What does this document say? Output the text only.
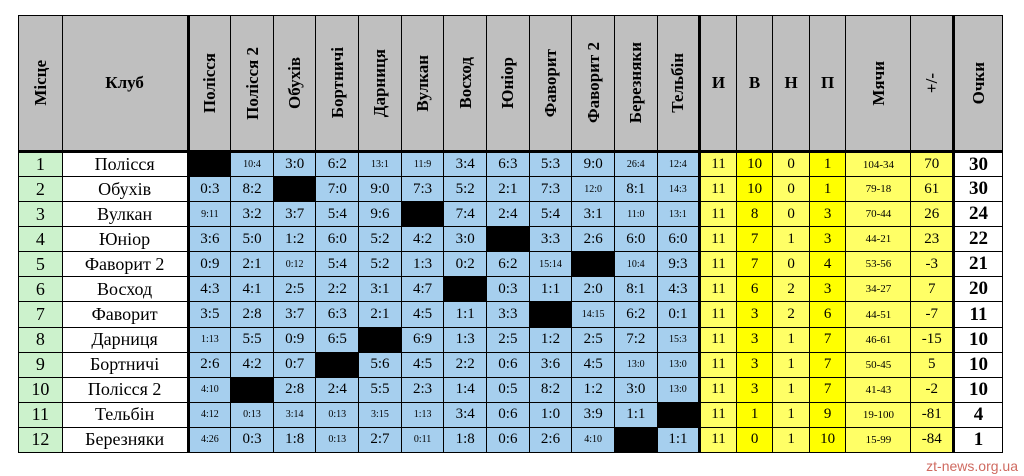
Місце	Клуб	Полісся	Полісся 2	Обухів	Бортничі	Дарниця	Вулкан	Восход	Юніор	Фаворит	Фаворит 2	Березняки	Тельбін	И	В	Н	П	Мячи	+/-	Очки

1	Полісся		10:4	3:0	6:2	13:1	11:9	3:4	6:3	5:3	9:0	26:4	12:4	11	10	0	1	104-34	70	30
2	Обухів	0:3	8:2		7:0	9:0	7:3	5:2	2:1	7:3	12:0	8:1	14:3	11	10	0	1	79-18	61	30
3	Вулкан	9:11	3:2	3:7	5:4	9:6		7:4	2:4	5:4	3:1	11:0	13:1	11	8	0	3	70-44	26	24
4	Юніор	3:6	5:0	1:2	6:0	5:2	4:2	3:0		3:3	2:6	6:0	6:0	11	7	1	3	44-21	23	22
5	Фаворит 2	0:9	2:1	0:12	5:4	5:2	1:3	0:2	6:2	15:14		10:4	9:3	11	7	0	4	53-56	-3	21
6	Восход	4:3	4:1	2:5	2:2	3:1	4:7		0:3	1:1	2:0	8:1	4:3	11	6	2	3	34-27	7	20
7	Фаворит	3:5	2:8	3:7	6:3	2:1	4:5	1:1	3:3		14:15	6:2	0:1	11	3	2	6	44-51	-7	11
8	Дарниця	1:13	5:5	0:9	6:5		6:9	1:3	2:5	1:2	2:5	7:2	15:3	11	3	1	7	46-61	-15	10
9	Бортничі	2:6	4:2	0:7		5:6	4:5	2:2	0:6	3:6	4:5	13:0	13:0	11	3	1	7	50-45	5	10
10	Полісся 2	4:10		2:8	2:4	5:5	2:3	1:4	0:5	8:2	1:2	3:0	13:0	11	3	1	7	41-43	-2	10
11	Тельбін	4:12	0:13	3:14	0:13	3:15	1:13	3:4	0:6	1:0	3:9	1:1		11	1	1	9	19-100	-81	4
12	Березняки	4:26	0:3	1:8	0:13	2:7	0:11	1:8	0:6	2:6	4:10		1:1	11	0	1	10	15-99	-84	1
zt-news.org.ua
